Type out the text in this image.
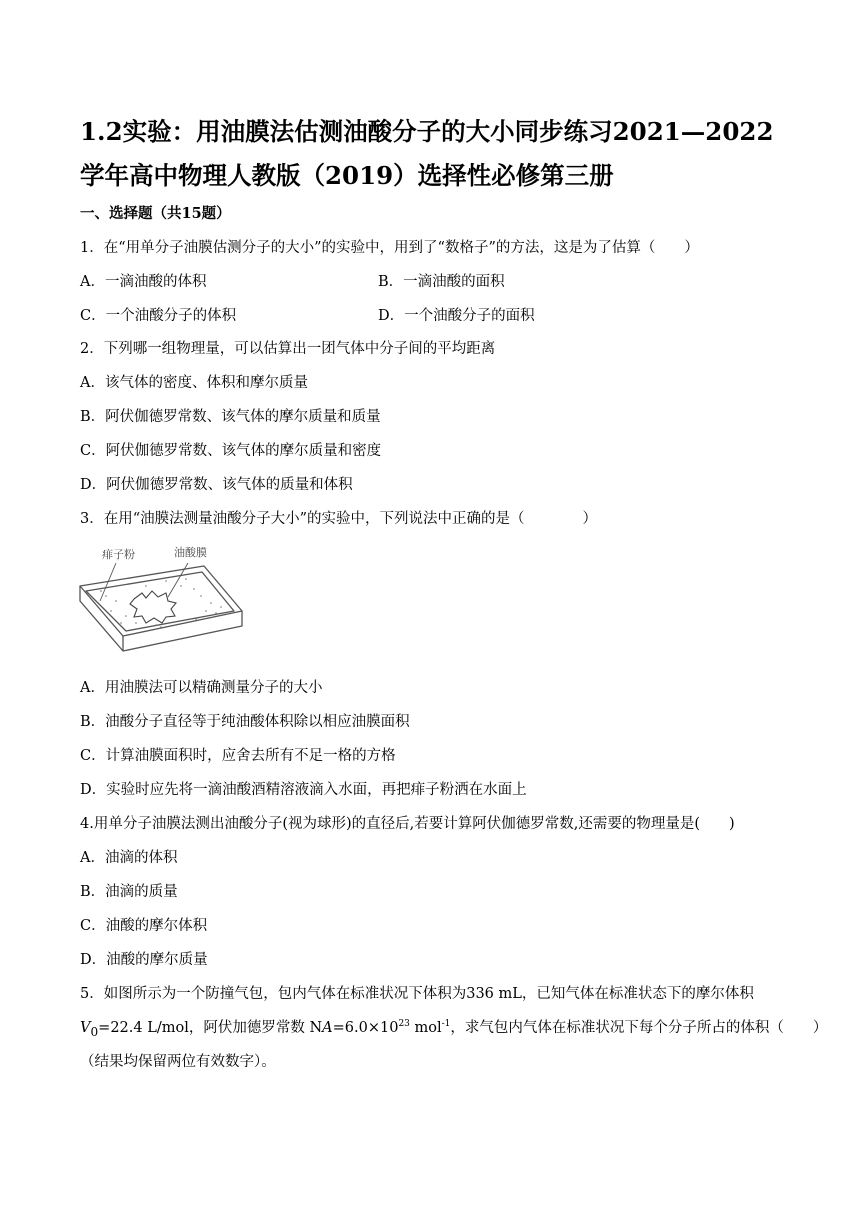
1.2实验：用油膜法估测油酸分子的大小同步练习2021—2022学年高中物理人教版（2019）选择性必修第三册
一、选择题（共15题）
1．在“用单分子油膜估测分子的大小”的实验中，用到了“数格子”的方法，这是为了估算（　　）
A．一滴油酸的体积	B．一滴油酸的面积
C．一个油酸分子的体积	D．一个油酸分子的面积
2．下列哪一组物理量，可以估算出一团气体中分子间的平均距离
A．该气体的密度、体积和摩尔质量
B．阿伏伽德罗常数、该气体的摩尔质量和质量
C．阿伏伽德罗常数、该气体的摩尔质量和密度
D．阿伏伽德罗常数、该气体的质量和体积
3．在用“油膜法测量油酸分子大小”的实验中，下列说法中正确的是（　　　　）
痱子粉	油酸膜
A．用油膜法可以精确测量分子的大小
B．油酸分子直径等于纯油酸体积除以相应油膜面积
C．计算油膜面积时，应舍去所有不足一格的方格
D．实验时应先将一滴油酸酒精溶液滴入水面，再把痱子粉洒在水面上
4.用单分子油膜法测出油酸分子(视为球形)的直径后,若要计算阿伏伽德罗常数,还需要的物理量是(　　)
A．油滴的体积
B．油滴的质量
C．油酸的摩尔体积
D．油酸的摩尔质量
5．如图所示为一个防撞气包，包内气体在标准状况下体积为336 mL，已知气体在标准状态下的摩尔体积
$V_0=22.4$ L/mol，阿伏加德罗常数 $NA=6.0\times 10^{23}$ mol$^{-1}$，求气包内气体在标准状况下每个分子所占的体积（　　）
（结果均保留两位有效数字）。
